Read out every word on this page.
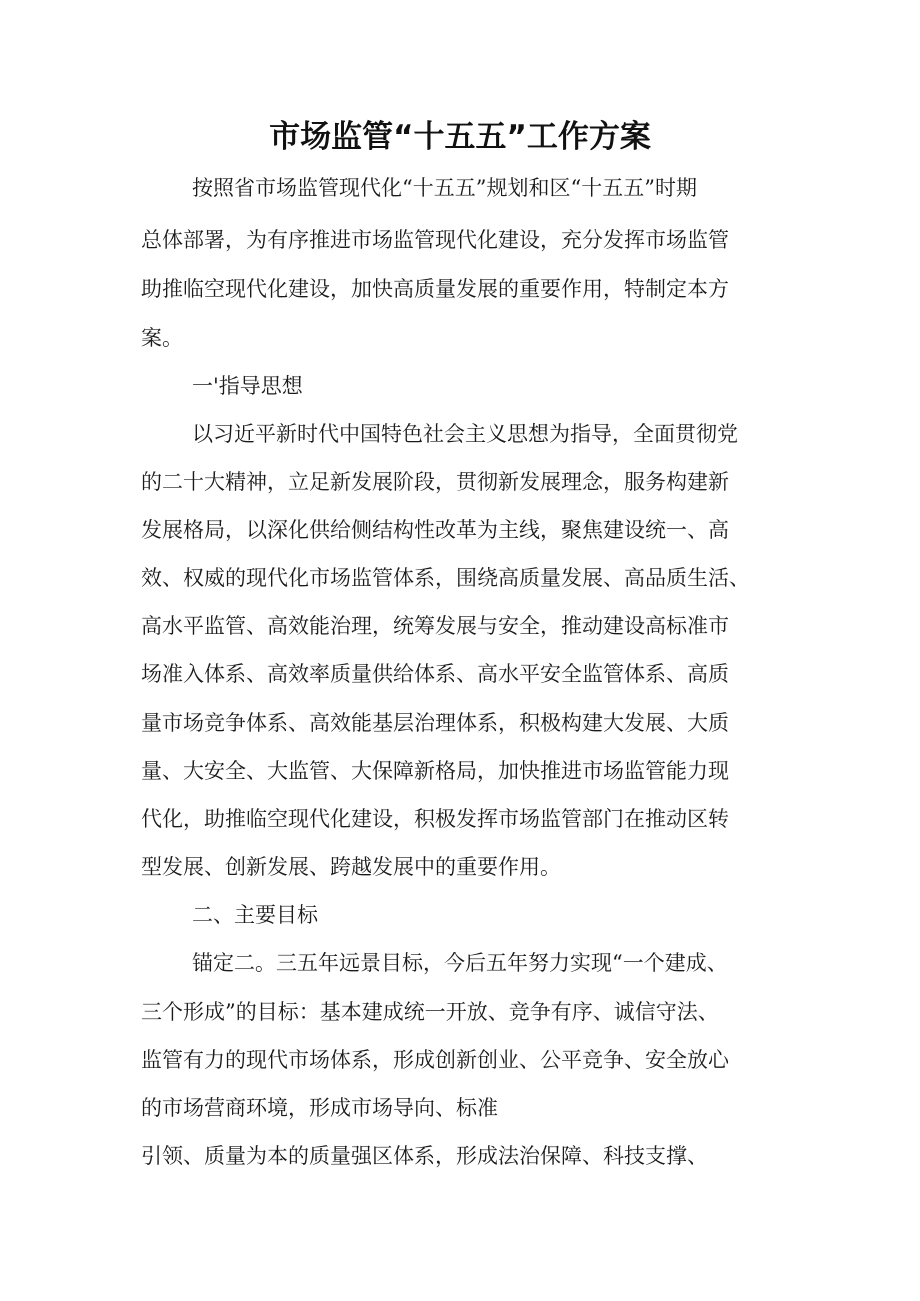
市场监管“十五五”工作方案
按照省市场监管现代化“十五五”规划和区“十五五”时期
总体部署，为有序推进市场监管现代化建设，充分发挥市场监管
助推临空现代化建设，加快高质量发展的重要作用，特制定本方
案。
一'指导思想
以习近平新时代中国特色社会主义思想为指导，全面贯彻党
的二十大精神，立足新发展阶段，贯彻新发展理念，服务构建新
发展格局，以深化供给侧结构性改革为主线，聚焦建设统一、高
效、权威的现代化市场监管体系，围绕高质量发展、高品质生活、
高水平监管、高效能治理，统筹发展与安全，推动建设高标准市
场准入体系、高效率质量供给体系、高水平安全监管体系、高质
量市场竞争体系、高效能基层治理体系，积极构建大发展、大质
量、大安全、大监管、大保障新格局，加快推进市场监管能力现
代化，助推临空现代化建设，积极发挥市场监管部门在推动区转
型发展、创新发展、跨越发展中的重要作用。
二、主要目标
锚定二。三五年远景目标，今后五年努力实现“一个建成、
三个形成”的目标：基本建成统一开放、竞争有序、诚信守法、
监管有力的现代市场体系，形成创新创业、公平竞争、安全放心
的市场营商环境，形成市场导向、标准
引领、质量为本的质量强区体系，形成法治保障、科技支撑、
